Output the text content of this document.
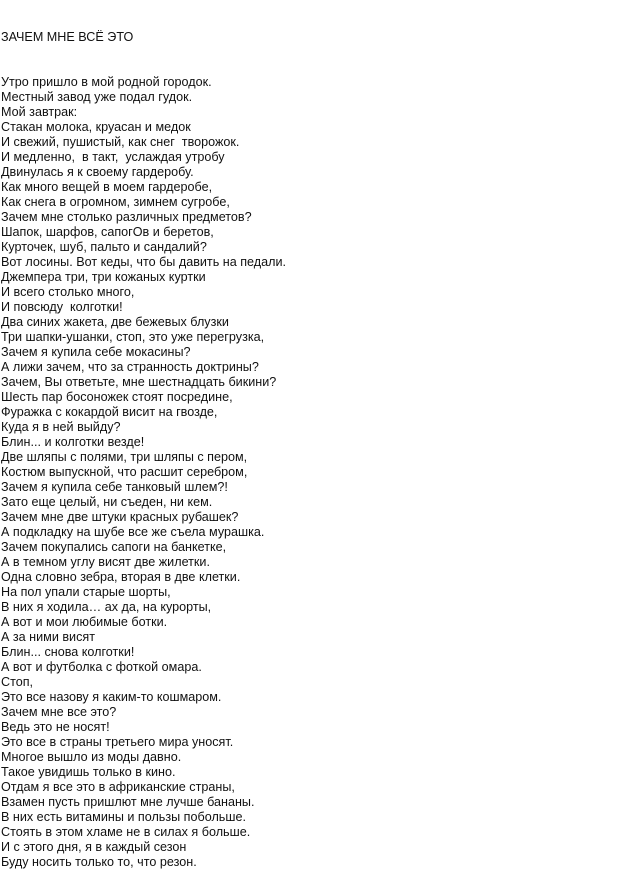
ЗАЧЕМ МНЕ ВСЁ ЭТО

Утро пришло в мой родной городок.
Местный завод уже подал гудок.
Мой завтрак:
Стакан молока, круасан и медок
И свежий, пушистый, как снег  творожок.
И медленно,  в такт,  услаждая утробу
Двинулась я к своему гардеробу.
Как много вещей в моем гардеробе,
Как снега в огромном, зимнем сугробе,
Зачем мне столько различных предметов?
Шапок, шарфов, сапогОв и беретов,
Курточек, шуб, пальто и сандалий?
Вот лосины. Вот кеды, что бы давить на педали.
Джемпера три, три кожаных куртки
И всего столько много,
И повсюду  колготки!
Два синих жакета, две бежевых блузки
Три шапки-ушанки, стоп, это уже перегрузка,
Зачем я купила себе мокасины?
А лижи зачем, что за странность доктрины?
Зачем, Вы ответьте, мне шестнадцать бикини?
Шесть пар босоножек стоят посредине,
Фуражка с кокардой висит на гвозде,
Куда я в ней выйду?
Блин... и колготки везде!
Две шляпы с полями, три шляпы с пером,
Костюм выпускной, что расшит серебром,
Зачем я купила себе танковый шлем?!
Зато еще целый, ни съеден, ни кем.
Зачем мне две штуки красных рубашек?
А подкладку на шубе все же съела мурашка.
Зачем покупались сапоги на банкетке,
А в темном углу висят две жилетки.
Одна словно зебра, вторая в две клетки.
На пол упали старые шорты,
В них я ходила… ах да, на курорты,
А вот и мои любимые ботки.
А за ними висят
Блин... снова колготки!
А вот и футболка с фоткой омара.
Стоп,
Это все назову я каким-то кошмаром.
Зачем мне все это?
Ведь это не носят!
Это все в страны третьего мира уносят.
Многое вышло из моды давно.
Такое увидишь только в кино.
Отдам я все это в африканские страны,
Взамен пусть пришлют мне лучше бананы.
В них есть витамины и пользы побольше.
Стоять в этом хламе не в силах я больше.
И с этого дня, я в каждый сезон
Буду носить только то, что резон.
